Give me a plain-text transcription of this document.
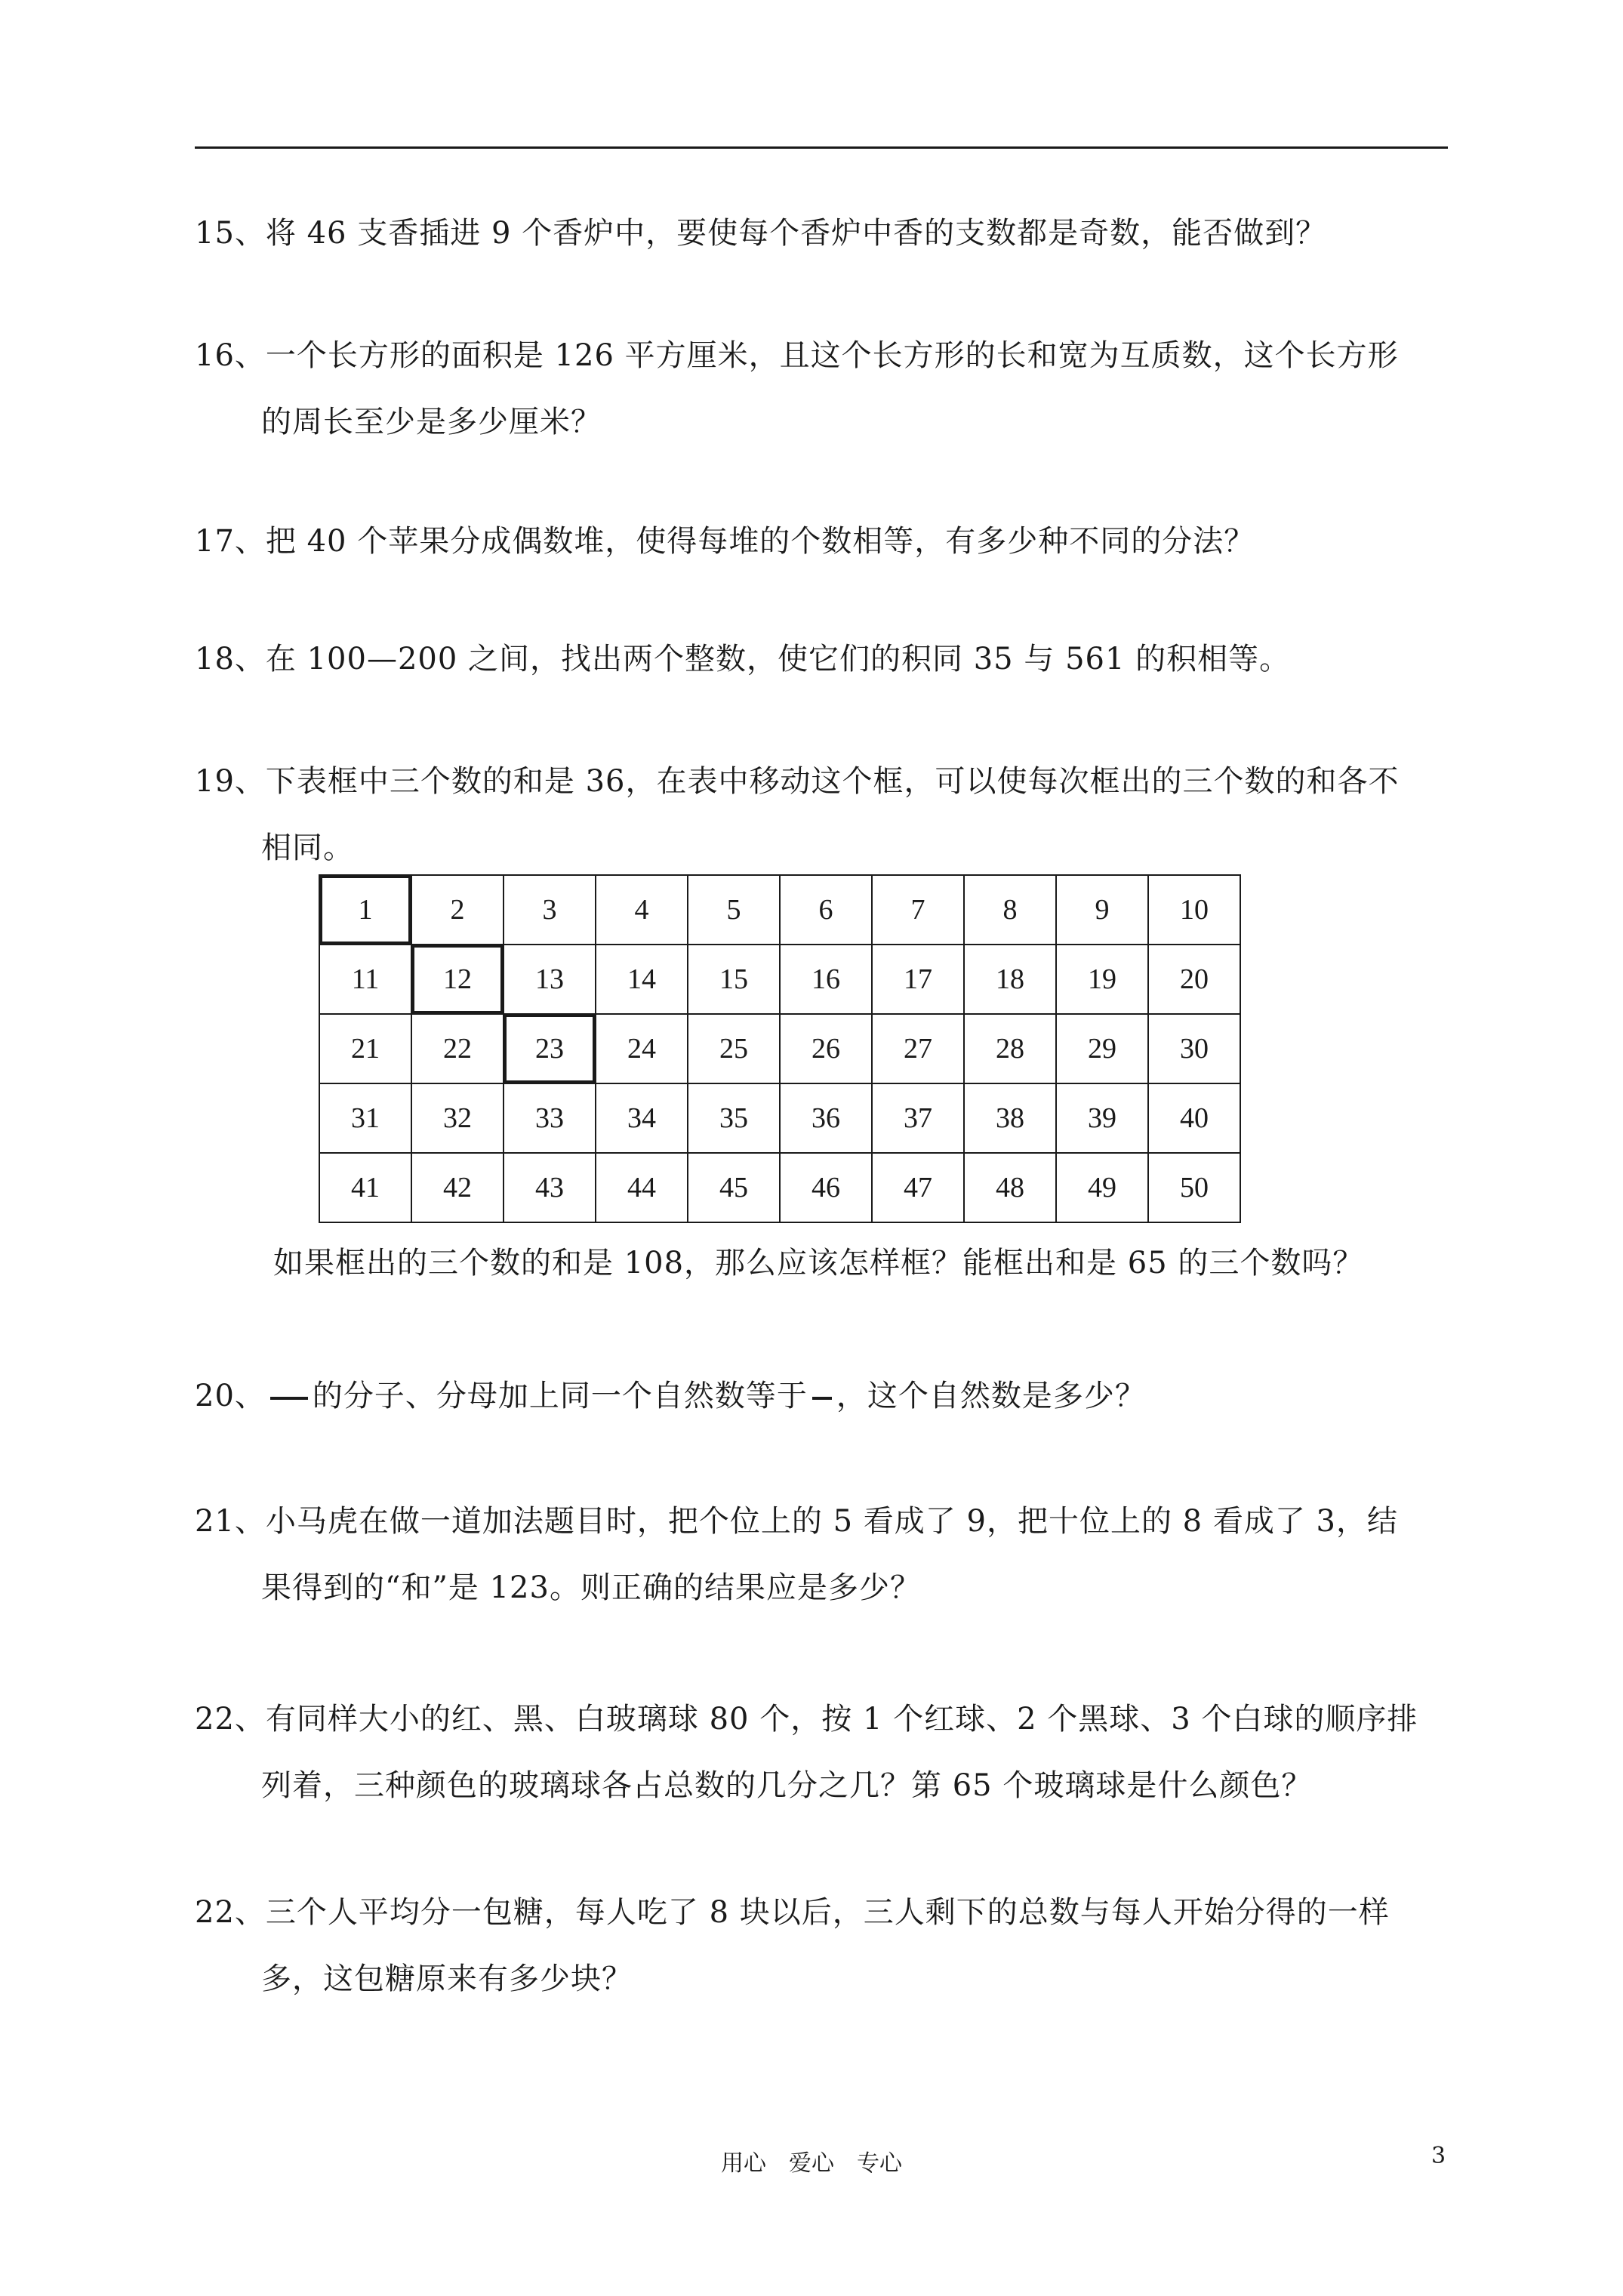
15、将 46 支香插进 9 个香炉中，要使每个香炉中香的支数都是奇数，能否做到？
16、一个长方形的面积是 126 平方厘米，且这个长方形的长和宽为互质数，这个长方形
的周长至少是多少厘米？
17、把 40 个苹果分成偶数堆，使得每堆的个数相等，有多少种不同的分法？
18、在 100—200 之间，找出两个整数，使它们的积同 35 与 561 的积相等。
19、下表框中三个数的和是 36，在表中移动这个框，可以使每次框出的三个数的和各不
相同。
1	2	3	4	5	6	7	8	9	10
11	12	13	14	15	16	17	18	19	20
21	22	23	24	25	26	27	28	29	30
31	32	33	34	35	36	37	38	39	40
41	42	43	44	45	46	47	48	49	50
如果框出的三个数的和是 108，那么应该怎样框？能框出和是 65 的三个数吗？
20、 的分子、分母加上同一个自然数等于 ，这个自然数是多少？
21、小马虎在做一道加法题目时，把个位上的 5 看成了 9，把十位上的 8 看成了 3，结
果得到的“和”是 123。则正确的结果应是多少？
22、有同样大小的红、黑、白玻璃球 80 个，按 1 个红球、2 个黑球、3 个白球的顺序排
列着，三种颜色的玻璃球各占总数的几分之几？第 65 个玻璃球是什么颜色？
22、三个人平均分一包糖，每人吃了 8 块以后，三人剩下的总数与每人开始分得的一样
多，这包糖原来有多少块？
用心　爱心　专心	3
